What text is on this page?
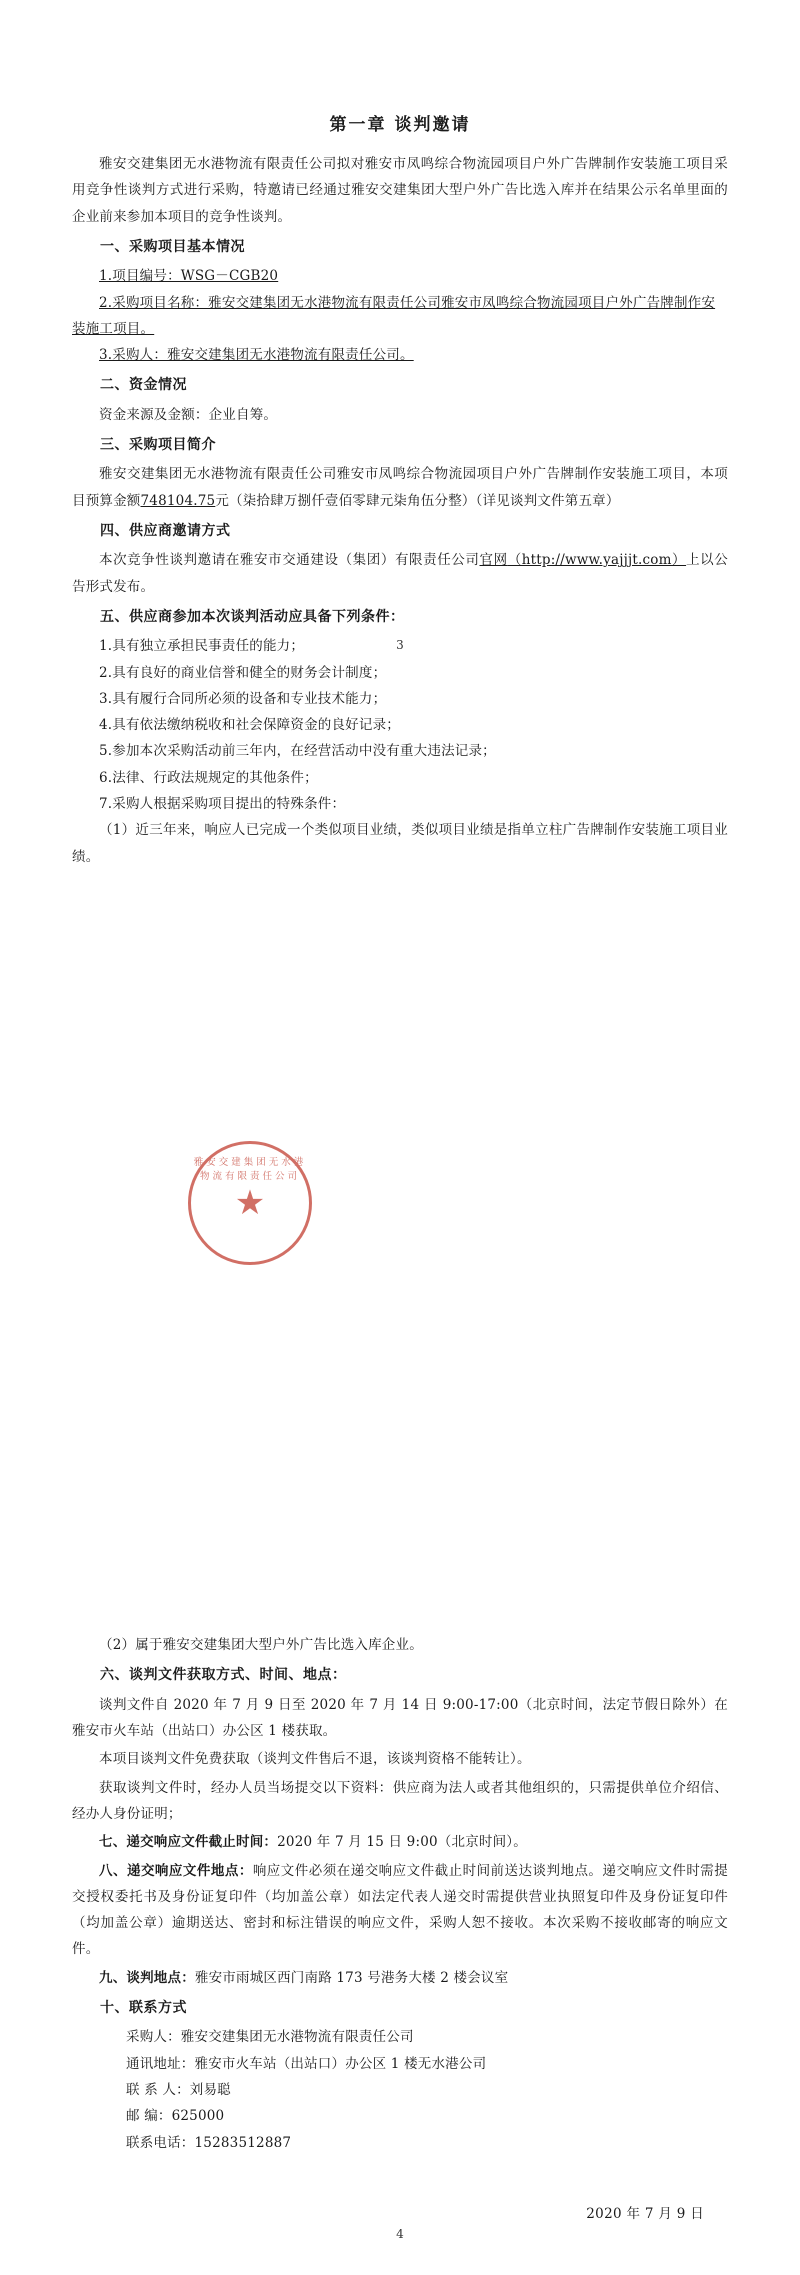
第一章 谈判邀请

雅安交建集团无水港物流有限责任公司拟对雅安市凤鸣综合物流园项目户外广告牌制作安装施工项目采用竞争性谈判方式进行采购，特邀请已经通过雅安交建集团大型户外广告比选入库并在结果公示名单里面的企业前来参加本项目的竞争性谈判。

一、采购项目基本情况

1.项目编号：WSG－CGB20

2.采购项目名称：雅安交建集团无水港物流有限责任公司雅安市凤鸣综合物流园项目户外广告牌制作安装施工项目。

3.采购人：雅安交建集团无水港物流有限责任公司。

二、资金情况

资金来源及金额：企业自筹。

三、采购项目简介

雅安交建集团无水港物流有限责任公司雅安市凤鸣综合物流园项目户外广告牌制作安装施工项目，本项目预算金额748104.75元（柒拾肆万捌仟壹佰零肆元柒角伍分整）（详见谈判文件第五章）

四、供应商邀请方式

本次竞争性谈判邀请在雅安市交通建设（集团）有限责任公司官网（http://www.yajjjt.com）上以公告形式发布。

五、供应商参加本次谈判活动应具备下列条件：

1.具有独立承担民事责任的能力；

2.具有良好的商业信誉和健全的财务会计制度；

3.具有履行合同所必须的设备和专业技术能力；

4.具有依法缴纳税收和社会保障资金的良好记录；

5.参加本次采购活动前三年内，在经营活动中没有重大违法记录；

6.法律、行政法规规定的其他条件；

7.采购人根据采购项目提出的特殊条件：

（1）近三年来，响应人已完成一个类似项目业绩，类似项目业绩是指单立柱广告牌制作安装施工项目业绩。

3

（2）属于雅安交建集团大型户外广告比选入库企业。

六、谈判文件获取方式、时间、地点：

谈判文件自 2020 年 7 月 9 日至 2020 年 7 月 14 日 9:00-17:00（北京时间，法定节假日除外）在雅安市火车站（出站口）办公区 1 楼获取。

本项目谈判文件免费获取（谈判文件售后不退，该谈判资格不能转让）。

获取谈判文件时，经办人员当场提交以下资料：供应商为法人或者其他组织的，只需提供单位介绍信、经办人身份证明；

七、递交响应文件截止时间：2020 年 7 月 15 日 9:00（北京时间）。

八、递交响应文件地点：响应文件必须在递交响应文件截止时间前送达谈判地点。递交响应文件时需提交授权委托书及身份证复印件（均加盖公章）如法定代表人递交时需提供营业执照复印件及身份证复印件（均加盖公章）逾期送达、密封和标注错误的响应文件，采购人恕不接收。本次采购不接收邮寄的响应文件。

九、谈判地点：雅安市雨城区西门南路 173 号港务大楼 2 楼会议室

十、联系方式

采购人：雅安交建集团无水港物流有限责任公司

通讯地址：雅安市火车站（出站口）办公区 1 楼无水港公司

联 系 人：刘易聪

邮 编：625000

联系电话：15283512887

2020 年 7 月 9 日

雅安交建集团无水港物流有限责任公司
★
4
